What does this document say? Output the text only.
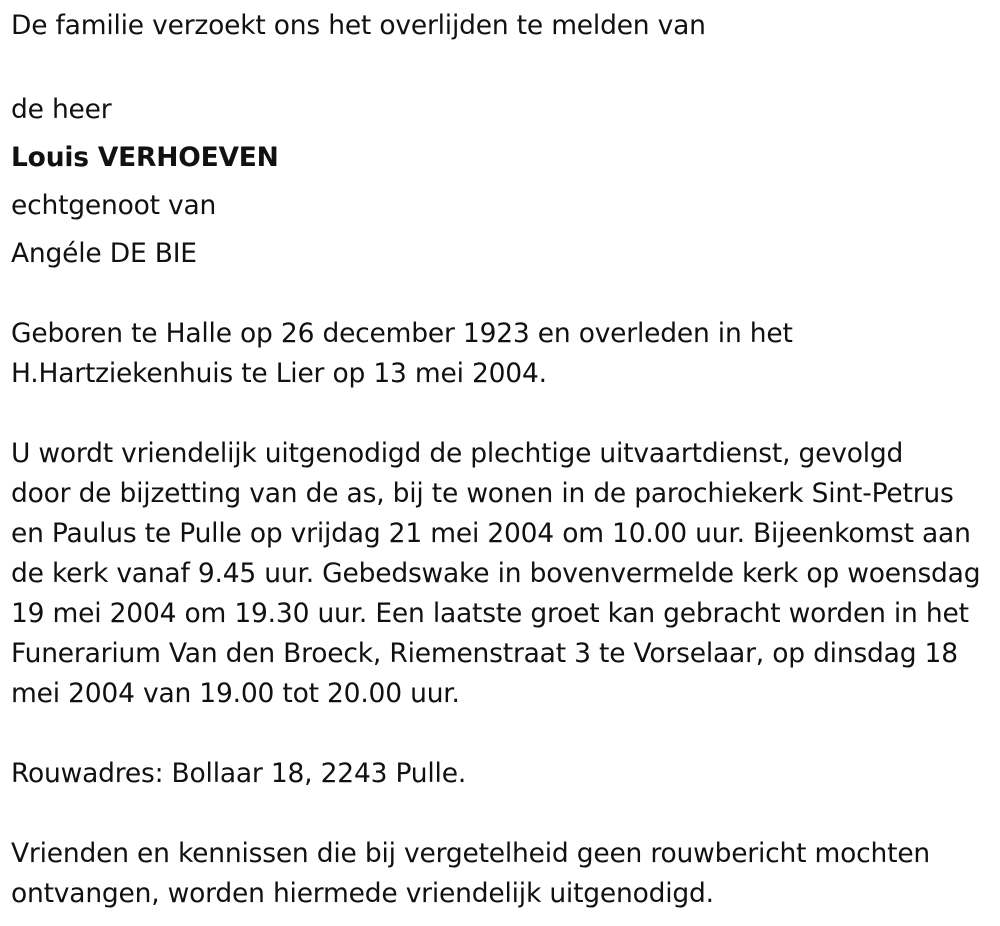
De familie verzoekt ons het overlijden te melden van
de heer
Louis VERHOEVEN
echtgenoot van
Angéle DE BIE
Geboren te Halle op 26 december 1923 en overleden in het
H.Hartziekenhuis te Lier op 13 mei 2004.
U wordt vriendelijk uitgenodigd de plechtige uitvaartdienst, gevolgd
door de bijzetting van de as, bij te wonen in de parochiekerk Sint-Petrus
en Paulus te Pulle op vrijdag 21 mei 2004 om 10.00 uur. Bijeenkomst aan
de kerk vanaf 9.45 uur. Gebedswake in bovenvermelde kerk op woensdag
19 mei 2004 om 19.30 uur. Een laatste groet kan gebracht worden in het
Funerarium Van den Broeck, Riemenstraat 3 te Vorselaar, op dinsdag 18
mei 2004 van 19.00 tot 20.00 uur.
Rouwadres: Bollaar 18, 2243 Pulle.
Vrienden en kennissen die bij vergetelheid geen rouwbericht mochten
ontvangen, worden hiermede vriendelijk uitgenodigd.
